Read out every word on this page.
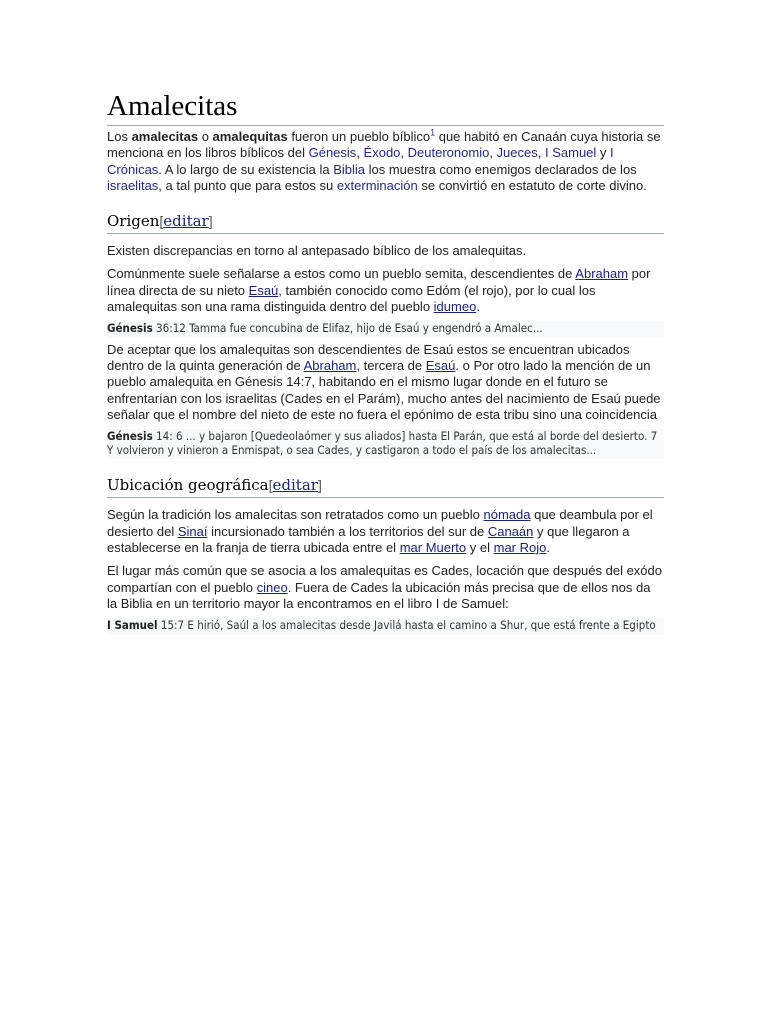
Amalecitas

Los amalecitas o amalequitas fueron un pueblo bíblico$^1$ que habitó en Canaán cuya historia se menciona en los libros bíblicos del Génesis, Éxodo, Deuteronomio, Jueces, I Samuel y I Crónicas. A lo largo de su existencia la Biblia los muestra como enemigos declarados de los israelitas, a tal punto que para estos su exterminación se convirtió en estatuto de corte divino.

Origen[editar]

Existen discrepancias en torno al antepasado bíblico de los amalequitas.

Comúnmente suele señalarse a estos como un pueblo semita, descendientes de Abraham por línea directa de su nieto Esaú, también conocido como Edóm (el rojo), por lo cual los amalequitas son una rama distinguida dentro del pueblo idumeo.

Génesis 36:12 Tamma fue concubina de Elifaz, hijo de Esaú y engendró a Amalec...

De aceptar que los amalequitas son descendientes de Esaú estos se encuentran ubicados dentro de la quinta generación de Abraham, tercera de Esaú. o Por otro lado la mención de un pueblo amalequita en Génesis 14:7, habitando en el mismo lugar donde en el futuro se enfrentarían con los israelitas (Cades en el Parám), mucho antes del nacimiento de Esaú puede señalar que el nombre del nieto de este no fuera el epónimo de esta tribu sino una coincidencia

Génesis 14: 6 ... y bajaron [Quedeolaómer y sus aliados] hasta El Parán, que está al borde del desierto. 7 Y volvieron y vinieron a Enmispat, o sea Cades, y castigaron a todo el país de los amalecitas...
Ubicación geográfica[editar]

Según la tradición los amalecitas son retratados como un pueblo nómada que deambula por el desierto del Sinaí incursionado también a los territorios del sur de Canaán y que llegaron a establecerse en la franja de tierra ubicada entre el mar Muerto y el mar Rojo.

El lugar más común que se asocia a los amalequitas es Cades, locación que después del exódo compartían con el pueblo cineo. Fuera de Cades la ubicación más precisa que de ellos nos da la Biblia en un territorio mayor la encontramos en el libro I de Samuel:

I Samuel 15:7 E hirió, Saúl a los amalecitas desde Javilá hasta el camino a Shur, que está frente a Egipto
